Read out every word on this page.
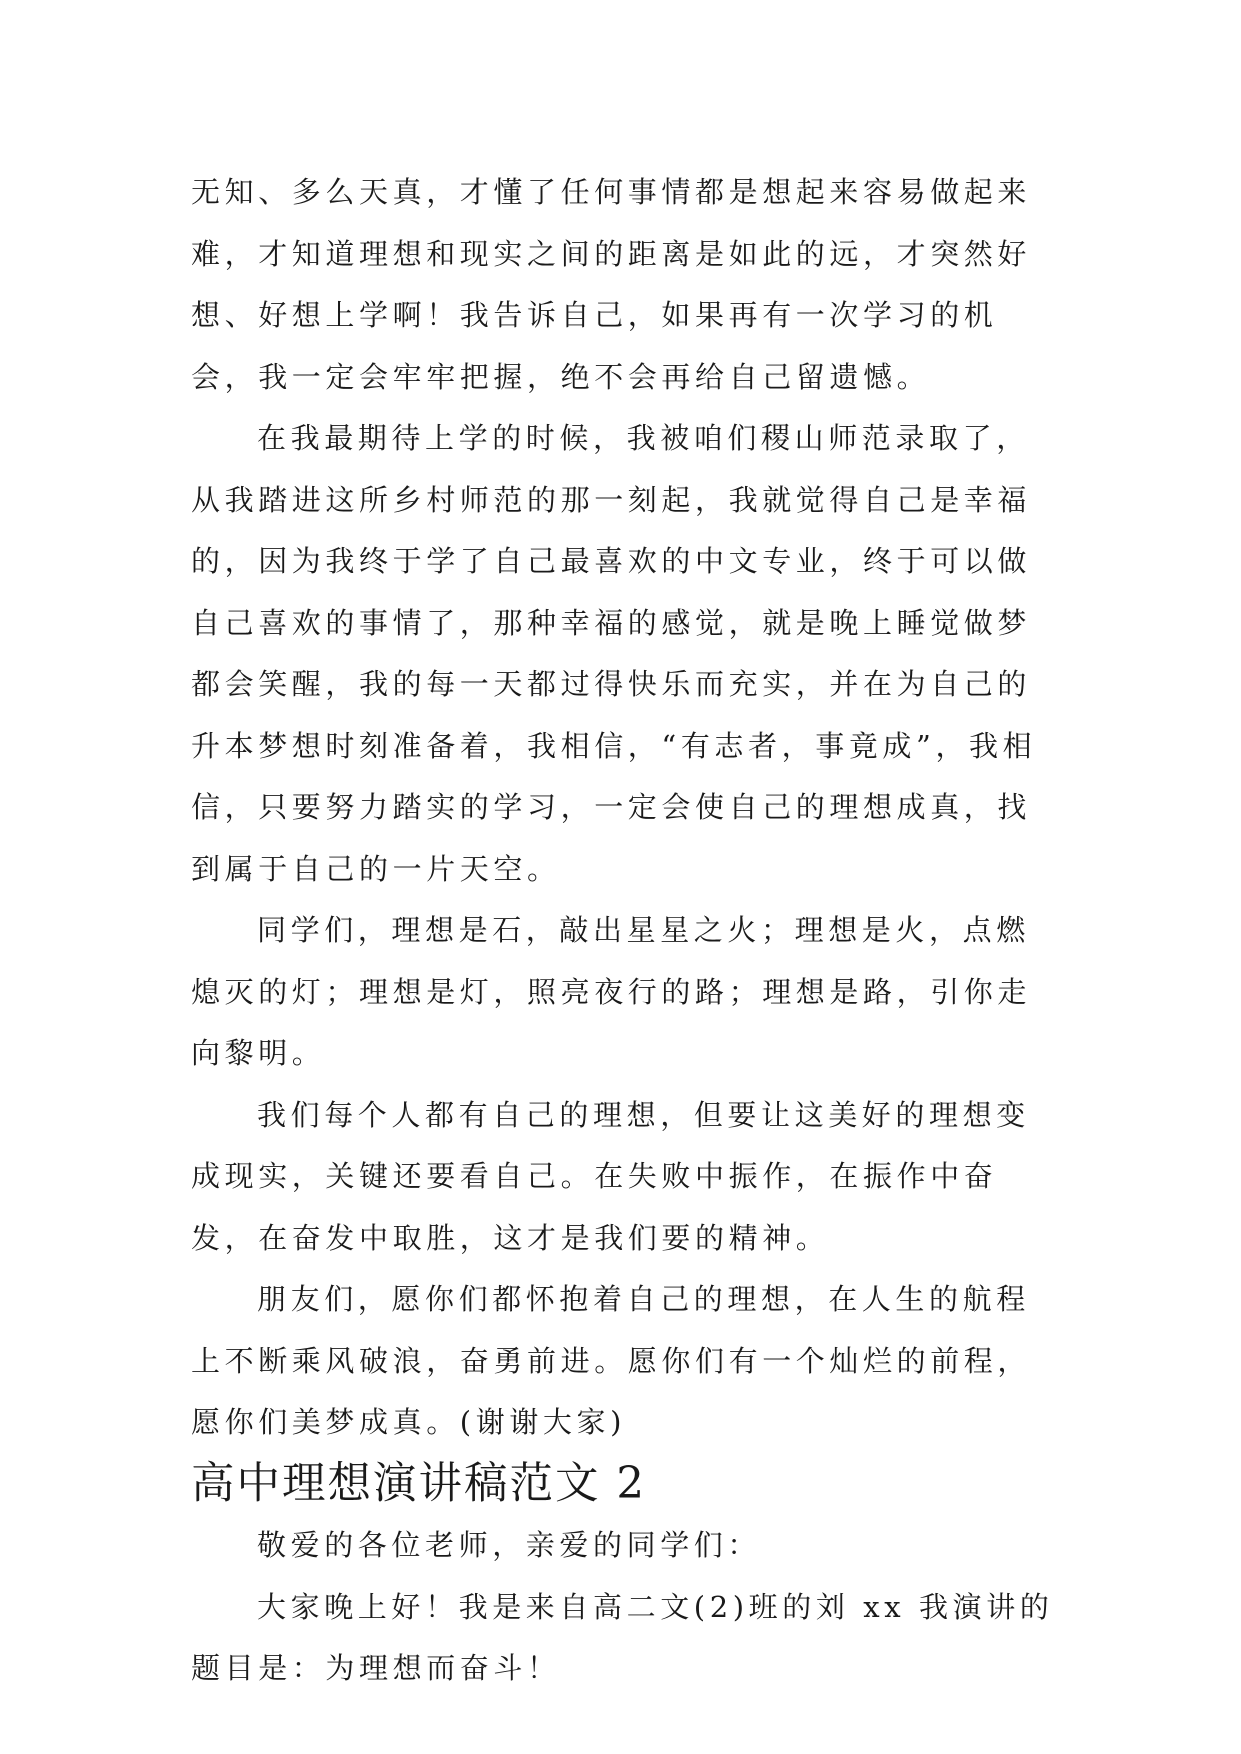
无知、多么天真，才懂了任何事情都是想起来容易做起来难，才知道理想和现实之间的距离是如此的远，才突然好想、好想上学啊！我告诉自己，如果再有一次学习的机会，我一定会牢牢把握，绝不会再给自己留遗憾。

在我最期待上学的时候，我被咱们稷山师范录取了，从我踏进这所乡村师范的那一刻起，我就觉得自己是幸福的，因为我终于学了自己最喜欢的中文专业，终于可以做自己喜欢的事情了，那种幸福的感觉，就是晚上睡觉做梦都会笑醒，我的每一天都过得快乐而充实，并在为自己的升本梦想时刻准备着，我相信，“有志者，事竟成”，我相信，只要努力踏实的学习，一定会使自己的理想成真，找到属于自己的一片天空。

同学们，理想是石，敲出星星之火；理想是火，点燃熄灭的灯；理想是灯，照亮夜行的路；理想是路，引你走向黎明。

我们每个人都有自己的理想，但要让这美好的理想变成现实，关键还要看自己。在失败中振作，在振作中奋发，在奋发中取胜，这才是我们要的精神。

朋友们，愿你们都怀抱着自己的理想，在人生的航程上不断乘风破浪，奋勇前进。愿你们有一个灿烂的前程，愿你们美梦成真。(谢谢大家)

高中理想演讲稿范文 2

敬爱的各位老师，亲爱的同学们：

大家晚上好！我是来自高二文(2)班的刘 xx 我演讲的题目是：为理想而奋斗！
